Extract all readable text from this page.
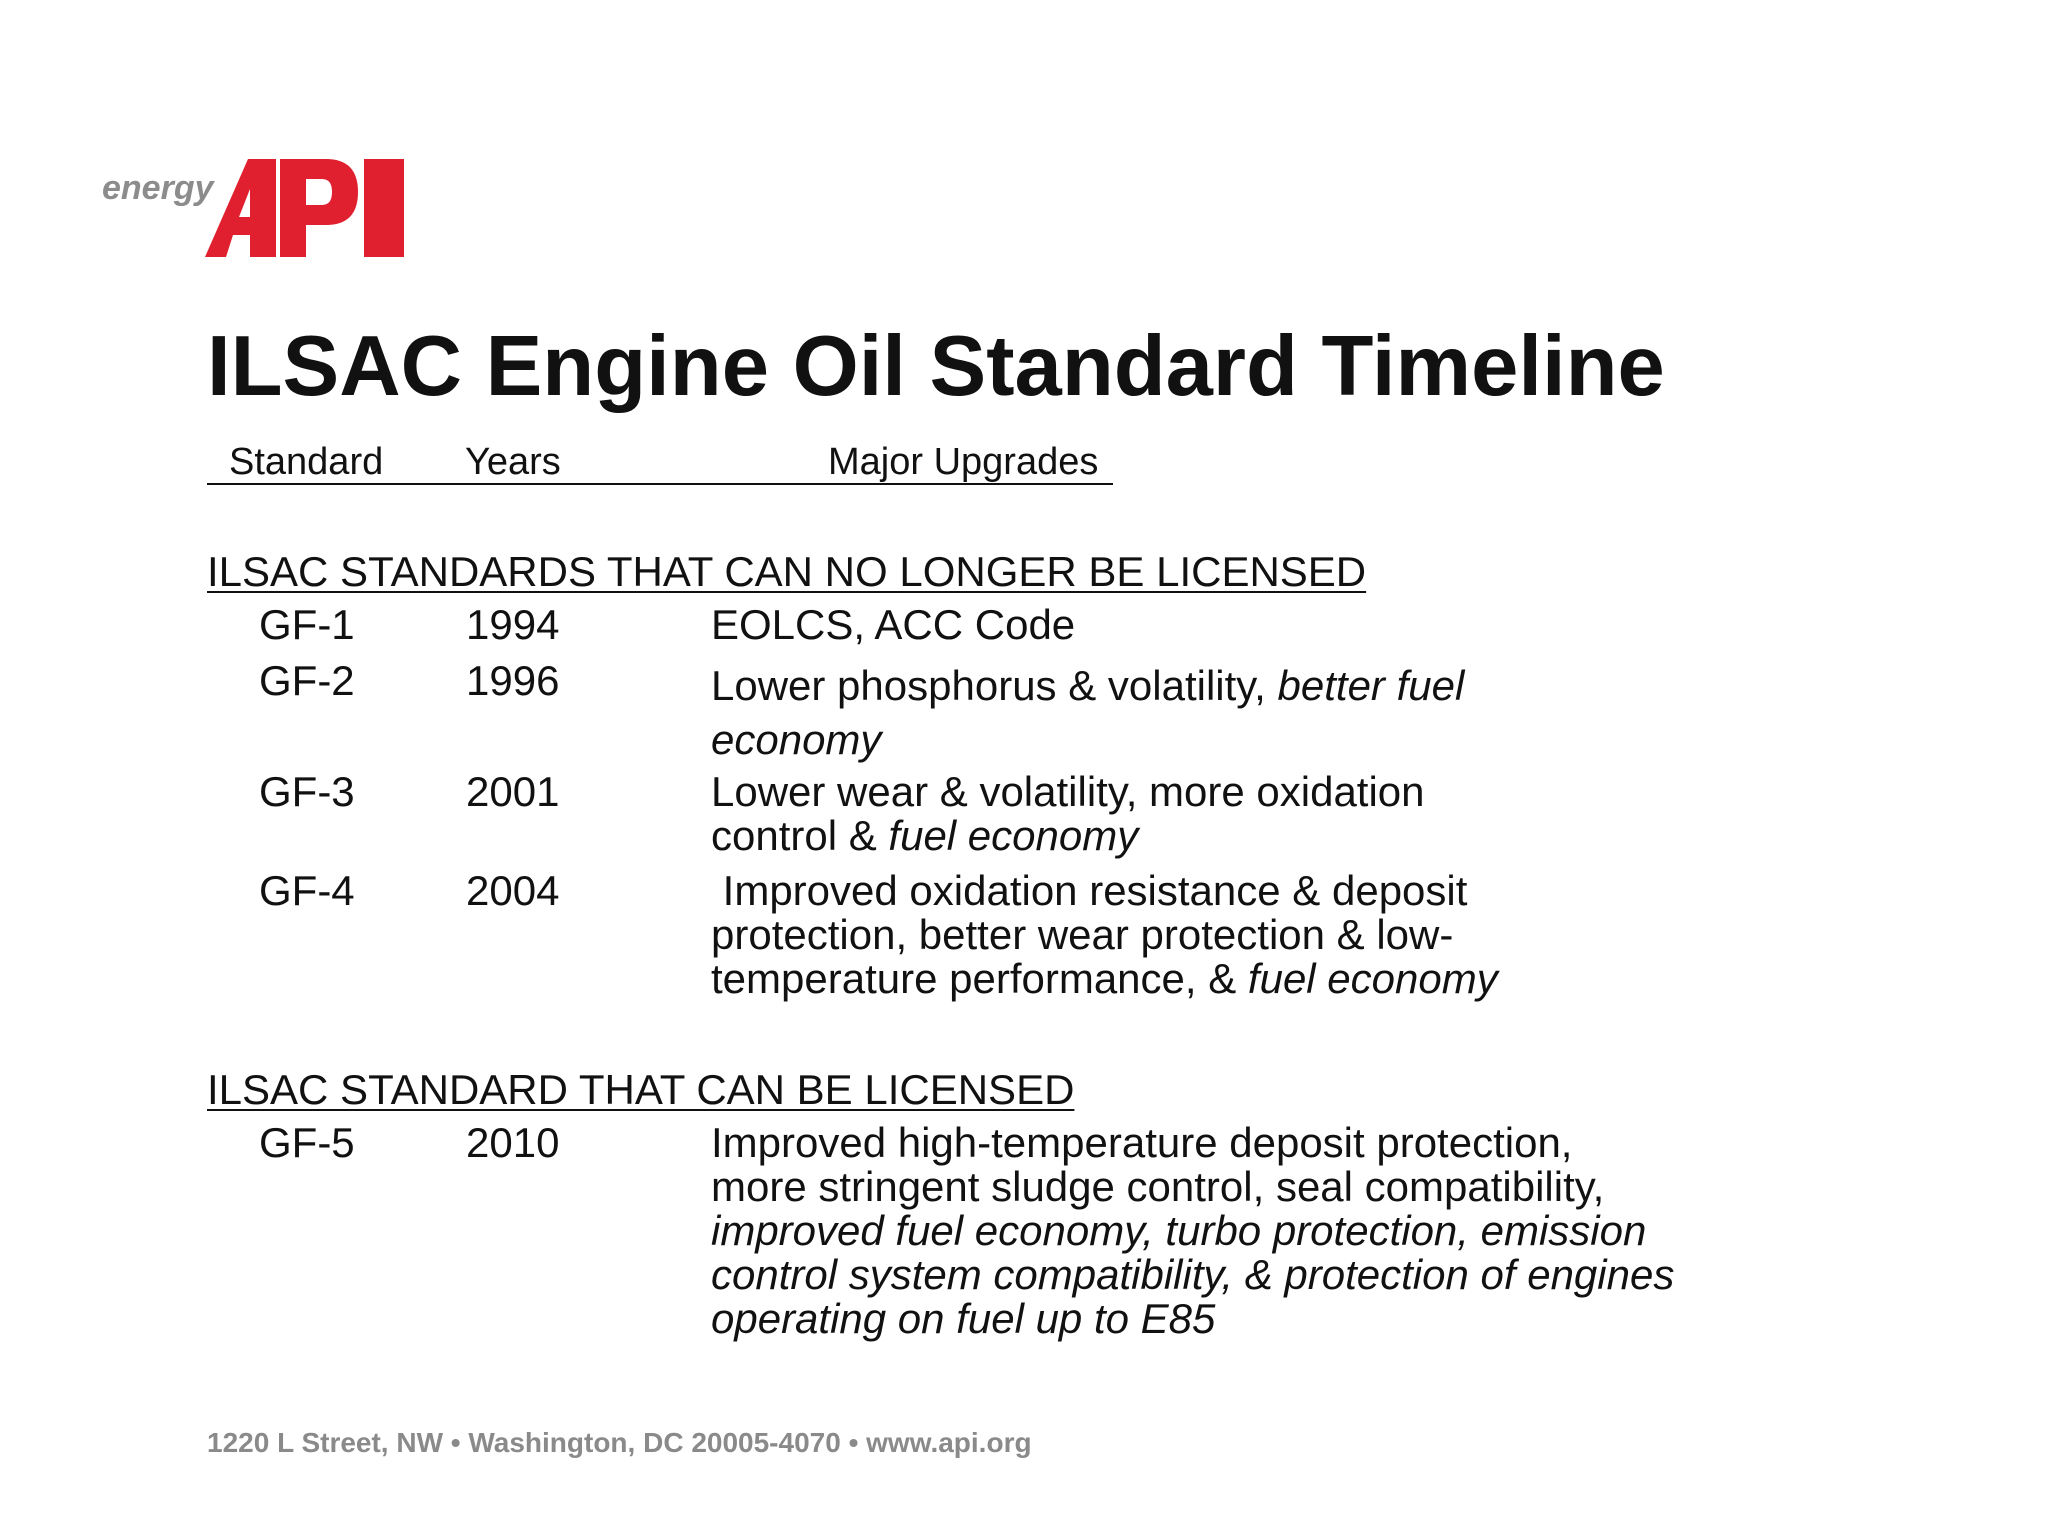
energy
ILSAC Engine Oil Standard Timeline
Standard Years	Major Upgrades
ILSAC STANDARDS THAT CAN NO LONGER BE LICENSED
GF-1	1994	EOLCS, ACC Code
GF-2	1996	Lower phosphorus & volatility, better fuel
economy
GF-3	2001	Lower wear & volatility, more oxidation
control & fuel economy
GF-4	2004	Improved oxidation resistance & deposit
protection, better wear protection & low-
temperature performance, & fuel economy
ILSAC STANDARD THAT CAN BE LICENSED
GF-5	2010	Improved high-temperature deposit protection,
more stringent sludge control, seal compatibility,
improved fuel economy, turbo protection, emission
control system compatibility, & protection of engines
operating on fuel up to E85
1220 L Street, NW • Washington, DC 20005-4070 • www.api.org
